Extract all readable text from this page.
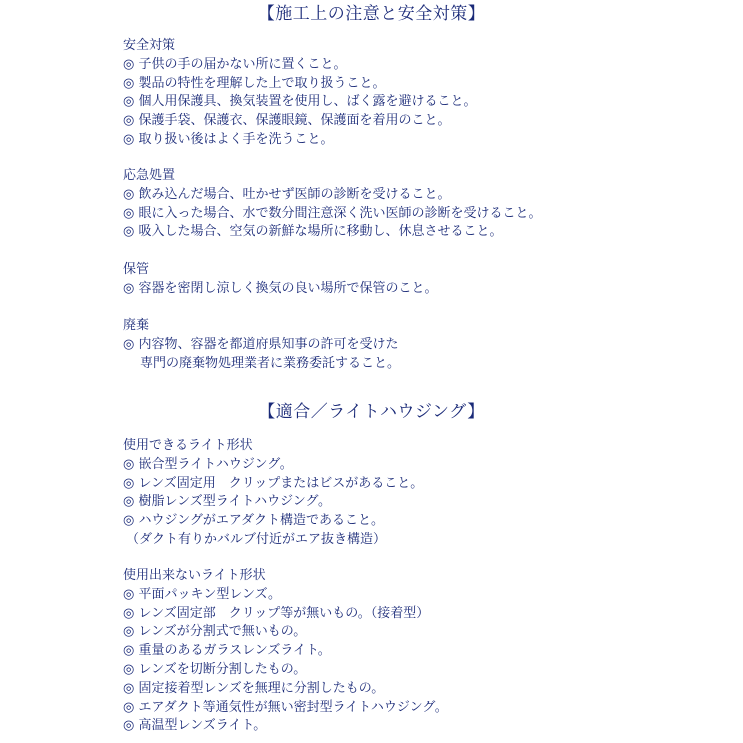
【施工上の注意と安全対策】

安全対策

◎ 子供の手の届かない所に置くこと。

◎ 製品の特性を理解した上で取り扱うこと。

◎ 個人用保護具、換気装置を使用し、ばく露を避けること。

◎ 保護手袋、保護衣、保護眼鏡、保護面を着用のこと。

◎ 取り扱い後はよく手を洗うこと。

応急処置

◎ 飲み込んだ場合、吐かせず医師の診断を受けること。

◎ 眼に入った場合、水で数分間注意深く洗い医師の診断を受けること。

◎ 吸入した場合、空気の新鮮な場所に移動し、休息させること。

保管

◎ 容器を密閉し涼しく換気の良い場所で保管のこと。

廃棄

◎ 内容物、容器を都道府県知事の許可を受けた

専門の廃棄物処理業者に業務委託すること。

【適合／ライトハウジング】

使用できるライト形状

◎ 嵌合型ライトハウジング。

◎ レンズ固定用　クリップまたはビスがあること。

◎ 樹脂レンズ型ライトハウジング。

◎ ハウジングがエアダクト構造であること。

（ダクト有りかバルブ付近がエア抜き構造）

使用出来ないライト形状

◎ 平面パッキン型レンズ。

◎ レンズ固定部　クリップ等が無いもの。（接着型）

◎ レンズが分割式で無いもの。

◎ 重量のあるガラスレンズライト。

◎ レンズを切断分割したもの。

◎ 固定接着型レンズを無理に分割したもの。

◎ エアダクト等通気性が無い密封型ライトハウジング。

◎ 高温型レンズライト。
